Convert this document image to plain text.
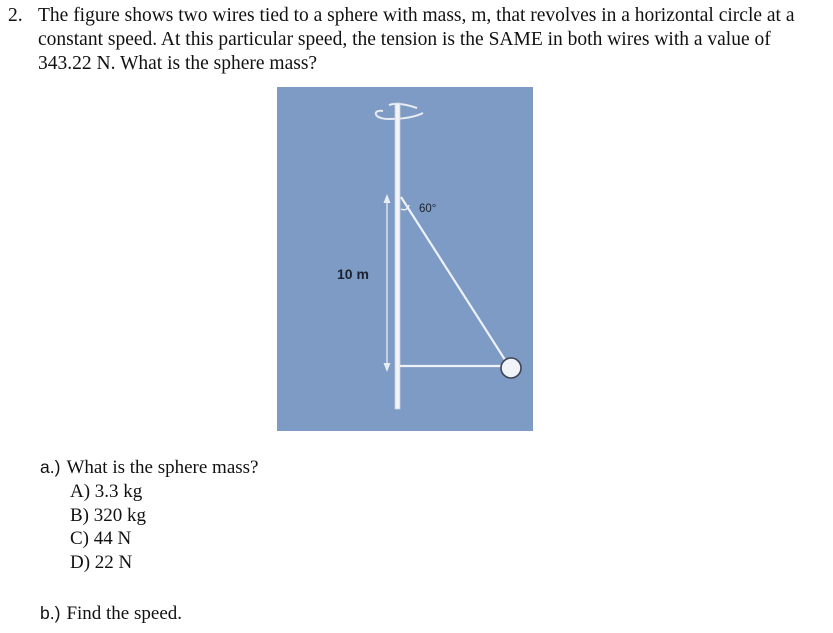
2. The figure shows two wires tied to a sphere with mass, m, that revolves in a horizontal circle at a constant speed. At this particular speed, the tension is the SAME in both wires with a value of 343.22 N. What is the sphere mass?
60°
10 m
a.) What is the sphere mass?
A) 3.3 kg
B) 320 kg
C) 44 N
D) 22 N
b.) Find the speed.
